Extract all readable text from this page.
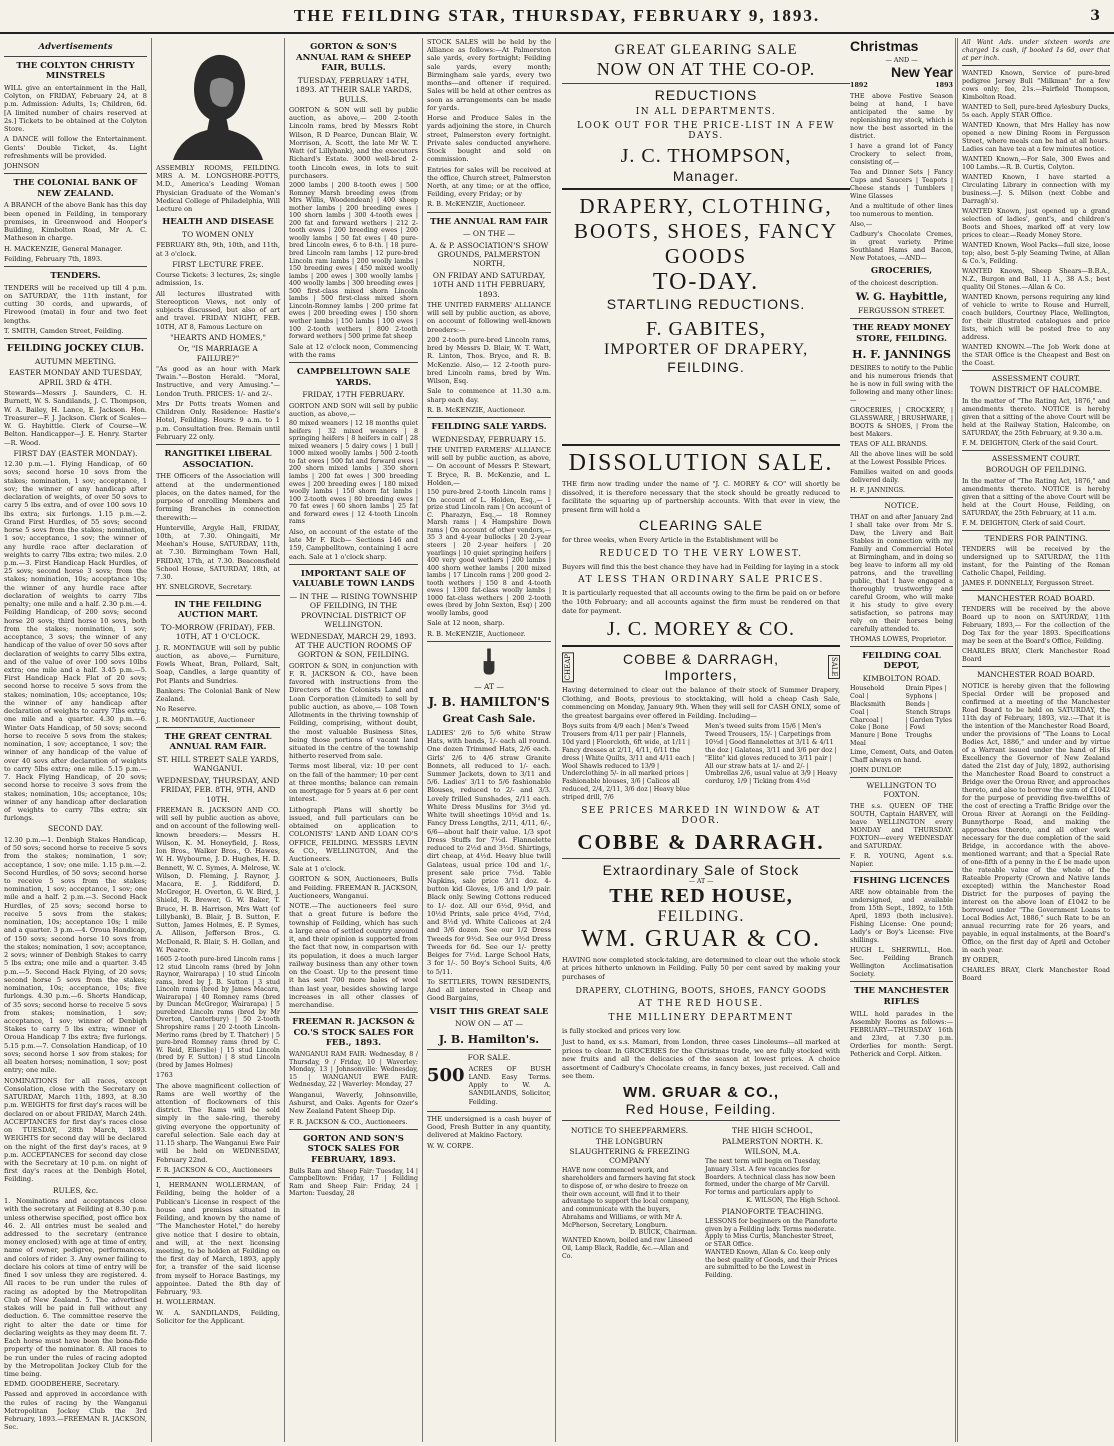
THE FEILDING STAR, THURSDAY, FEBRUARY 9, 1893.	3
Advertisements
THE COLYTON CHRISTY MINSTRELS

WILL give an entertainment in the Hall, Colyton, on FRIDAY, February 24, at 8 p.m. Admission: Adults, 1s; Children, 6d. [A limited number of chairs reserved at 2s.] Tickets to be obtained at the Colyton Store.

A DANCE will follow the Entertainment. Gents' Double Ticket, 4s. Light refreshments will be provided.

JOHNSON

THE COLONIAL BANK OF NEW ZEALAND.

A BRANCH of the above Bank has this day been opened in Feilding, in temporary premises, in Greenwood and Hooper's Building, Kimbolton Road, Mr A. C. Matheson in charge.

H. MACKENZIE, General Manager.

Feilding, February 7th, 1893.

TENDERS.

TENDERS will be received up till 4 p.m. on SATURDAY, the 11th instant, for cutting 30 cords, and upwards, of Firewood (matai) in four and two feet lengths.

T. SMITH, Camden Street, Feilding.

FEILDING JOCKEY CLUB.
AUTUMN MEETING.
EASTER MONDAY AND TUESDAY, APRIL 3RD & 4TH.

Stewards—Messrs J. Saunders, C. H. Burnett, W. S. Sandilands, J. C. Thompson, W. A. Bailey, H. Lance, E. Jackson. Hon. Treasurer—F. J. Jackson. Clerk of Scales—W. G. Haybittle. Clerk of Course—W. Belton. Handicapper—J. E. Henry. Starter—R. Wood.

FIRST DAY (EASTER MONDAY).

12.30 p.m.—1. Flying Handicap, of 60 sovs; second horse 10 sovs from the stakes; nomination, 1 sov; acceptance, 1 sov; the winner of any handicap after declaration of weights, of over 50 sovs to carry 5 lbs extra, and of over 100 sovs 10 lbs extra; six furlongs. 1.15 p.m.—2. Grand First Hurdles, of 55 sovs; second horse 5 sovs from the stakes; nomination, 1 sov; acceptance, 1 sov; the winner of any hurdle race after declaration of weights to carry 7lbs extra; two miles. 2.0 p.m.—3. First Handicap Hack Hurdles, of 25 sovs; second horse 3 sovs; from the stakes; nomination, 10s; acceptance 10s; the winner of any hurdle race after declaration of weights to carry 7lbs penalty; one mile and a half. 2.30 p.m.—4. Feilding Handicap, of 200 sovs; second horse 20 sovs; third horse 10 sovs, both from the stakes; nomination, 1 sov; acceptance, 3 sovs; the winner of any handicap of the value of over 50 sovs after declaration of weights to carry 5lbs extra, and of the value of over 100 sovs 10lbs extra; one mile and a half. 3.45 p.m.—5. First Handicap Hack Flat of 20 sovs; second horse to receive 5 sovs from the stakes; nomination, 10s; acceptance, 10s; the winner of any handicap after declaration of weights to carry 7lbs extra; one mile and a quarter. 4.30 p.m.—6. Winter Oats Handicap, of 50 sovs; second horse to receive 5 sovs from the stakes; nomination, 1 sov; acceptance, 1 sov; the winner of any handicap of the value of over 40 sovs after declaration of weights to carry 5lbs extra; one mile. 5.15 p.m.—7. Hack Flying Handicap, of 20 sovs; second horse to receive 3 sovs from the stakes; nomination, 10s; acceptance, 10s; winner of any handicap after declaration of weights to carry 7lbs extra; six furlongs.

SECOND DAY.

12.30 p.m.—1. Denbigh Stakes Handicap, of 50 sovs; second horse to receive 5 sovs from the stakes; nomination, 1 sov; acceptance, 1 sov; one mile. 1.15 p.m.—2. Second Hurdles, of 50 sovs; second horse to receive 5 sovs from the stakes; nomination, 1 sov; acceptance, 1 sov; one mile and a half. 2 p.m.—3. Second Hack Hurdles, of 25 sovs; second horse to receive 5 sovs from the stakes; nomination, 10s; acceptance 10s; 1 mile and a quarter. 3 p.m.—4. Oroua Handicap, of 150 sovs; second horse 10 sovs from the stakes; nomination, 1 sov; acceptance, 2 sovs; winner of Denbigh Stakes to carry 5 lbs extra; one mile and a quarter. 3.45 p.m.—5. Second Hack Flying, of 20 sovs; second horse 5 sovs from the stakes; nomination, 10s; acceptance, 10s; five furlongs. 4.30 p.m.—6. Shorts Handicap, of 35 sovs; second horse to receive 5 sovs from stakes; nomination, 1 sov; acceptance, 1 sov; winner of Denbigh Stakes to carry 5 lbs extra; winner of Oroua Handicap 7 lbs extra; five furlongs. 5.15 p.m.—7. Consolation Handicap, of 10 sovs; second horse 1 sov from stakes; for all beaten horses; nomination, 1 sov; post entry; one mile.

NOMINATIONS for all races, except Consolation, close with the Secretary on SATURDAY, March 11th, 1893, at 8.30 p.m. WEIGHTS for first day's races will be declared on or about FRIDAY, March 24th. ACCEPTANCES for first day's races close on TUESDAY, 28th March, 1893. WEIGHTS for second day will be declared on the night of the first day's races, at 9 p.m. ACCEPTANCES for second day close with the Secretary at 10 p.m. on night of first day's races at the Denbigh Hotel, Feilding.

RULES, &c.

1. Nominations and acceptances close with the secretary at Feilding at 8.30 p.m. unless otherwise specified, post office box 46. 2. All entries must be sealed and addressed to the secretary (entrance money enclosed) with age at time of entry, name of owner, pedigree, performances, and colors of rider. 3. Any owner failing to declare his colors at time of entry will be fined 1 sov unless they are registered. 4. All races to be run under the rules of racing as adopted by the Metropolitan Club of New Zealand. 5. The advertised stakes will be paid in full without any deduction. 6. The committee reserve the right to alter the date or time for declaring weights as they may deem fit. 7. Each horse must have been the bona-fide property of the nominator. 8. All races to be run under the rules of racing adopted by the Metropolitan Jockey Club for the time being.

EDMD. GOODBEHERE, Secretary.

Passed and approved in accordance with the rules of racing by the Wanganui Metropolitan Jockey Club the 3rd February, 1893.—FREEMAN R. JACKSON, Sec.

ASSEMBLY ROOMS, FEILDING. MRS A. M. LONGSHORE-POTTS, M.D., America's Leading Woman Physician Graduate of the Woman's Medical College of Philadelphia, Will Lecture on

HEALTH AND DISEASE
TO WOMEN ONLY

FEBRUARY 8th, 9th, 10th, and 11th, at 3 o'clock.

FIRST LECTURE FREE.

Course Tickets: 3 lectures, 2s; single admission, 1s.

All lectures illustrated with Stereopticon Views, not only of subjects discussed, but also of art and travel. FRIDAY NIGHT, FEB. 10TH, AT 8, Famous Lecture on

"HEARTS AND HOMES,"
Or, "IS MARRIAGE A FAILURE?"

"As good as an hour with Mark Twain."—Boston Herald. "Moral, Instructive, and very Amusing."—London Truth. PRICES: 1/- and 2/-.

Mrs Dr Potts treats Women and Children Only. Residence: Hastie's Hotel, Feilding. Hours: 9 a.m. to 1 p.m. Consultation free. Remain until February 22 only.

RANGITIKEI LIBERAL ASSOCIATION.

THE Officers of the Association will attend at the undermentioned places, on the dates named, for the purpose of enrolling Members and forming Branches in connection therewith:—

Hunterville, Argyle Hall, FRIDAY, 10th, at 7.30. Ohingaiti, Mr Meehan's House, SATURDAY, 11th, at 7.30. Birmingham Town Hall, FRIDAY, 17th, at 7.30. Beaconsfield School House, SATURDAY, 18th, at 7.30.

HY. SNELGROVE, Secretary.

IN THE FEILDING AUCTION MART.
TO-MORROW (FRIDAY), FEB. 10TH, AT 1 O'CLOCK.

J. R. MONTAGUE will sell by public auction, as above,— Furniture, Fowls Wheat, Bran, Pollard, Salt, Soap, Candles, a large quantity of Pot Plants and Sundries.

Bankers: The Colonial Bank of New Zealand.

No Reserve.

J. R. MONTAGUE, Auctioneer

THE GREAT CENTRAL ANNUAL RAM FAIR.
ST. HILL STREET SALE YARDS, WANGANUI.
WEDNESDAY, THURSDAY, AND FRIDAY, FEB. 8TH, 9TH, AND 10TH.

FREEMAN R. JACKSON AND CO. will sell by public auction as above, and on account of the following well-known breeders:— Messrs H. Wilson, K. M. Honeyfield, J. Ross, Ion Bros., Walker Bros., O. Hawes, W. H. Wybourne, J. D. Hughes, H. D. Bennett, W. C. Symes, A. Melrose, W. Wilson, D. Fleming, J. Raynor, J. Macara, E. J. Riddiford, D. McGregor, H. Overton, G. W. Bird, J. Shield, R. Brewer, G. W. Baker, T. Bruce, H. B. Harrison, Mrs Watt (of Lillybank), B. Blair, J. B. Sutton, F. Sutton, James Holmes, E. P. Symes, A. Allison, Jefferson Bros., G. McDonald, R. Blair, S. H. Gollan, and W. Pearce.

1605 2-tooth pure-bred Lincoln rams | 12 stud Lincoln rams (bred by John Raynor, Wairarapa) | 10 stud Lincoln rams, bred by J. B. Sutton | 3 stud Lincoln rams (bred by James Macara, Wairarapa) | 40 Romney rams (bred by Duncan McGregor, Wairarapa) | 5 purebred Lincoln rams (bred by Mr Overton, Canterbury) | 50 2-tooth Shropshire rams | 20 2-tooth Lincoln-Merino rams (bred by T. Thatcher) | 5 pure-bred Romney rams (bred by C. W. Reid, Ellerslie) | 15 stud Lincoln (bred by F. Sutton) | 8 stud Lincoln (bred by James Holmes)

1763

The above magnificent collection of Rams are well worthy of the attention of flockowners of this district. The Rams will be sold simply in the sale-ring, thereby giving everyone the opportunity of careful selection. Sale each day at 11.15 sharp. The Wanganui Ewe Fair will be held on WEDNESDAY, February 22nd.

F. R. JACKSON & CO., Auctioneers

I, HERMANN WOLLERMAN, of Feilding, being the holder of a Publican's License in respect of the house and premises situated in Feilding, and known by the name of "The Manchester Hotel," do hereby give notice that I desire to obtain, and will, at the next licensing meeting, to be holden at Feilding on the first day of March, 1893, apply for, a transfer of the said license from myself to Horace Bastings, my appointee. Dated the 8th day of February, '93.

H. WOLLERMAN.

W. A. SANDILANDS, Feilding, Solicitor for the Applicant.

GORTON & SON'S ANNUAL RAM & SHEEP FAIR, BULLS.
TUESDAY, FEBRUARY 14TH, 1893. AT THEIR SALE YARDS, BULLS.

GORTON & SON will sell by public auction, as above,— 200 2-tooth Lincoln rams, bred by Messrs Robt Wilson, R D Pearce, Duncan Blair, W. Morrison, A. Scott, the late Mr W. T. Watt (of Lillybank), and the executors Richard's Estate. 3000 well-bred 2-tooth Lincoln ewes, in lots to suit purchasers.

2000 lambs | 200 8-tooth ewes | 500 Romney Marsh breeding ewes (from Mrs Willis, Woodendean) | 400 sheep mother lambs | 200 breeding ewes | 100 shorn lambs | 300 4-tooth ewes | 200 fat and forward wethers | 212 2-tooth ewes | 200 breeding ewes | 200 woolly lambs | 50 fat ewes | 40 pure-bred Lincoln ewes, 6 to 8-th. | 18 pure-bred Lincoln ram lambs | 12 pure-bred Lincoln ram lambs | 200 woolly lambs | 150 breeding ewes | 450 mixed woolly lambs | 200 ewes | 300 woolly lambs | 400 woolly lambs | 300 breeding ewes | 500 first-class mixed shorn Lincoln lambs | 500 first-class mixed shorn Lincoln-Romney lambs | 200 prime fat ewes | 200 breeding ewes | 150 shorn wether lambs | 150 lambs | 100 ewes | 100 2-tooth wethers | 800 2-tooth forward wethers | 500 prime fat sheep

Sale at 12 o'clock noon, Commencing with the rams

CAMPBELLTOWN SALE YARDS.
FRIDAY, 17TH FEBRUARY.

GORTON AND SON will sell by public auction, as above,—

80 mixed weaners | 12 18 months quiet heifers | 32 mixed weaners | 8 springing heifers | 8 heifers in calf | 28 mixed weaners | 5 dairy cows | 1 bull | 1000 mixed woolly lambs | 500 2-tooth to fat ewes | 500 fat and forward ewes | 200 shorn mixed lambs | 350 shorn lambs | 200 fat ewes | 300 breeding ewes | 200 breeding ewes | 180 mixed woolly lambs | 150 shorn fat lambs | 100 2-tooth ewes | 80 breeding ewes | 70 fat ewes | 60 shorn lambs | 25 fat and forward ewes | 12 4-tooth Lincoln rams

Also, on account of the estate of the late Mr F. Ricb— Sections 146 and 159, Campbelltown, containing 1 acre each. Sale at 1 o'clock sharp.

IMPORTANT SALE OF VALUABLE TOWN LANDS
— IN THE — RISING TOWNSHIP OF FEILDING, IN THE PROVINCIAL DISTRICT OF WELLINGTON.
WEDNESDAY, MARCH 29, 1893. AT THE AUCTION ROOMS OF GORTON & SON, FEILDING.

GORTON & SON, in conjunction with F. R. JACKSON & CO., have been favored with instructions from the Directors of the Colonists Land and Loan Corporation (Limited) to sell by public auction, as above,— 108 Town Allotments in the thriving township of Feilding, comprising, without doubt, the most valuable Business Sites, being those portions of vacant land situated in the centre of the township hitherto reserved from sale.

Terms most liberal, viz: 10 per cent on the fall of the hammer; 10 per cent at three months; balance can remain on mortgage for 5 years at 6 per cent interest.

Lithograph Plans will shortly be issued, and full particulars can be obtained on application to COLONISTS' LAND AND LOAN CO'S OFFICE, FEILDING. MESSRS LEVIN & CO., WELLINGTON, And the Auctioneers.

Sale at 1 o'clock.

GORTON & SON, Auctioneers, Bulls and Feilding. FREEMAN R. JACKSON, Auctioneers, Wanganui.

NOTE.—The auctioneers feel sure that a great future is before the township of Feilding, which has such a large area of settled country around it, and their opinion is supported from the fact that now, in comparison with its population, it does a much larger railway business than any other town on the Coast. Up to the present time it has sent 700 more bales of wool than last year, besides showing large increases in all other classes of merchandise.

FREEMAN R. JACKSON & CO.'S STOCK SALES FOR FEB., 1893.

WANGANUI RAM FAIR: Wednesday, 8 / Thursday, 9 / Friday, 10 | Waverley: Monday, 13 | Johnsonville: Wednesday, 15 | WANGANUI EWE FAIR: Wednesday, 22 | Waverley: Monday, 27

Wanganui, Waverly, Johnsonville, Ashurst, and Oaks. Agents for Ozer's New Zealand Patent Sheep Dip.

F. R. JACKSON & CO., Auctioneers.

GORTON AND SON'S STOCK SALES FOR FEBRUARY, 1893.

Bulls Ram and Sheep Fair: Tuesday, 14 | Campbelltown: Friday, 17 | Feilding Ram and Sheep Fair: Friday, 24 | Marton: Tuesday, 28

STOCK SALES will be held by the Alliance as follows:—At Palmerston sale yards, every fortnight; Feilding sale yards, every month; Birmingham sale yards, every two months—and oftener if required. Sales will be held at other centres as soon as arrangements can be made for yards.

Horse and Produce Sales in the yards adjoining the store, in Church street, Palmerston every fortnight. Private sales conducted anywhere. Stock bought and sold on commission.

Entries for sales will be received at the office, Church street, Palmerston North, at any time; or at the office, Feilding, every Friday; or by

R. B. McKENZIE, Auctioneer.

THE ANNUAL RAM FAIR
— ON THE —
A. & P. ASSOCIATION'S SHOW GROUNDS, PALMERSTON NORTH,
ON FRIDAY AND SATURDAY, 10TH AND 11TH FEBRUARY, 1893.

THE UNITED FARMERS' ALLIANCE will sell by public auction, as above, on account of following well-known breeders:—

200 2-tooth pure-bred Lincoln rams, bred by Messrs D. Blair, W. T. Watt, R. Linton, Thos. Bryce, and R. B. McKenzie. Also,— 12 2-tooth pure-bred Lincoln rams, bred by Wm. Wilson, Esq.

Sale to commence at 11.30 a.m. sharp each day.

R. B. McKENZIE, Auctioneer.

FEILDING SALE YARDS.
WEDNESDAY, FEBRUARY 15.

THE UNITED FARMERS' ALLIANCE will sell by public auction, as above,— On account of Messrs P. Stewart, T. Bryce, R. B. McKenzie, and L. Holden,—

150 pure-bred 2-tooth Lincoln rams | On account of L. Holden, Esq.,— 1 prize stud Lincoln ram | On account of C. Pharazyn, Esq.,— 18 Romney Marsh rams | 4 Hampshire Down rams | On account of other vendors,— 35 3 and 4-year bullocks | 20 2-year steers | 20 2-year heifers | 20 yearlings | 10 quiet springing heifers | 400 very good wethers | 200 lambs | 400 shorn wether lambs | 200 mixed lambs | 17 Lincoln rams | 200 good 2-tooth wethers | 150 8 and 4-tooth ewes | 1300 fat-class woolly lambs | 1000 fat-class wethers | 200 2-tooth ewes (bred by John Sexton, Esq) | 200 woolly lambs, good

Sale at 12 noon, sharp.

R. B. McKENZIE, Auctioneer.

— AT —
J. B. HAMILTON'S
Great Cash Sale.

LADIES' 2/6 to 5/6 white Straw Hats, with bands, 1/- each all round. One dozen Trimmed Hats, 2/6 each. Girls' 2/6 to 4/6 straw Granite Bonnets, all reduced to 1/- each. Summer Jackets, down to 3/11 and 5/6. Ladies' 3/11 to 5/6 fashionable Blouses, reduced to 2/- and 3/3. Lovely frilled Sunshades, 2/11 each. White Dress Muslins for 3½d yd. White twill sheetings 10½d and 1s. Fancy Dress Lengths, 2/11, 4/11, 6/-, 6/6—about half their value. 1/3 spot Dress Stuffs for 7½d. Flannelette reduced to 2½d and 3½d. Shirtings, dirt cheap, at 4½d. Heavy blue twill Galateas, usual price 10d and 1/-, present sale price 7½d. Table Napkins, sale price 3/11 doz. 4-button kid Gloves, 1/6 and 1/9 pair. Black only. Sewing Cottons reduced to 1/- doz. All our 6½d, 9½d, and 10½d Prints, sale price 4½d, 7½d, and 8½d yd. White Calicoes at 2/4 and 3/6 dozen. See our 1/2 Dress Tweeds for 9½d. See our 9½d Dress Tweeds for 6d. See our 1/- pretty Beiges for 7½d. Large School Hats, 3 for 1/-. 50 Boy's School Suits, 4/6 to 5/11.

To SETTLERS, TOWN RESIDENTS, And all interested in Cheap and Good Bargains,

VISIT THIS GREAT SALE
NOW ON — AT —
J. B. Hamilton's.
FOR SALE.
500 ACRES OF BUSH LAND. Easy Terms. Apply to W. A. SANDILANDS, Solicitor, Feilding.

THE undersigned is a cash buyer of Good, Fresh Butter in any quantity, delivered at Makino Factory.

W. W. CORPE.

GREAT GLEARING SALE
NOW ON AT THE CO-OP.
REDUCTIONS
IN ALL DEPARTMENTS.
LOOK OUT FOR THE PRICE-LIST IN A FEW DAYS.
J. C. THOMPSON,
Manager.
DRAPERY, CLOTHING, BOOTS, SHOES, FANCY GOODS
TO-DAY.
STARTLING REDUCTIONS.
F. GABITES,
IMPORTER OF DRAPERY,
FEILDING.
Christmas
— AND —
New Year
1892	1893

THE above Festive Season being at hand, I have anticipated the same by replenishing my stock, which is now the best assorted in the district.

I have a grand lot of Fancy Crockery to select from, consisting of,—

Tea and Dinner Sets | Fancy Cups and Saucers | Teapots | Cheese stands | Tumblers | Wine Glasses

And a multitude of other lines too numerous to mention.

Also,—

Cadbury's Chocolate Cremes, in great variety. Prime Southland Hams and Bacon, New Potatoes, —AND—

GROCERIES,

of the choicest description.

W. G. Haybittle,
FERGUSSON STREET.
THE READY MONEY STORE, FEILDING.
H. F. JANNINGS

DESIRES to notify to the Public and his numerous friends that he is now in full swing with the following and many other lines:—

GROCERIES, | CROCKERY, | GLASSWARE, | BRUSHWARE, | BOOTS & SHOES, | From the best Makers.

TEAS OF ALL BRANDS.

All the above lines will be sold at the Lowest Possible Prices.

Families waited on and goods delivered daily.

H. F. JANNINGS.

NOTICE.

THAT on and after January 2nd I shall take over from Mr S. Daw, the Livery and Bait Stables in connection with my Family and Commercial Hotel at Birmingham, and in doing so beg leave to inform all my old patrons, and the travelling public, that I have engaged a thoroughly trustworthy and careful Groom, who will make it his study to give every satisfaction, so patrons may rely on their horses being carefully attended to.

THOMAS LOWES, Proprietor.

FEILDING COAL DEPOT,
KIMBOLTON ROAD.
Household Coal | Blacksmith Coal | Charcoal | Coke | Bone Manure | Bone Meal
Drain Pipes | Syphons | Bends | Stench Straps | Garden Tyles | Fowl Troughs

Lime, Cement, Oats, and Oaten Chaff always on hand.

JOHN DUNLOP.

WELLINGTON TO FOXTON.

THE s.s. QUEEN OF THE SOUTH, Captain HARVEY, will leave WELLINGTON every MONDAY and THURSDAY. FOXTON—every WEDNESDAY and SATURDAY.

F. R. YOUNG, Agent s.s. Napier.

FISHING LICENCES

ARE now obtainable from the undersigned, and available from 15th Sept., 1892, to 15th April, 1893 (both inclusive). Fishing License: One pound; Lady's or Boy's License: Five shillings.

HUGH L. SHERWILL, Hon. Sec. Feilding Branch Wellington Acclimatisation Society.

THE MANCHESTER RIFLES

WILL hold parades in the Assembly Rooms as follows:— FEBRUARY—THURSDAY 16th and 23rd, at 7.30 p.m. Orderlies for month: Sergt. Petherick and Corpl. Aitken.

All Want Ads. under sixteen words are charged 1s cash, if booked 1s 6d, over that at per inch.

WANTED Known, Service of pure-bred pedigree Jersey Bull "Milkman" for a few cows only; fee, 21s.—Fairfield Thompson, Kimbolton Road.

WANTED to Sell, pure-bred Aylesbury Ducks, 5s each. Apply STAR Office.

WANTED Known, that Mrs Halley has now opened a new Dining Room in Fergusson Street, where meals can be had at all hours. Ladies can have tea at a few minutes notice.

WANTED Known,—For Sale, 300 Ewes and 100 Lambs.—R. B. Curtis, Colyton.

WANTED Known, I have started a Circulating Library in connection with my business.—J. S. Milson (next Cobbe and Darragh's).

WANTED Known, just opened up a grand selection of ladies', gent's, and children's Boots and Shoes, marked off at very low prices to clear.—Ready Money Store.

WANTED Known, Wool Packs—full size, loose top; also, best 5-ply Seaming Twine, at Allan & Co.'s, Feilding.

WANTED Known, Sheep Shears—B.B.A., N.Z., Burgon and Ball, 11 A., 38 A.S.; best quality Oil Stones.—Allan & Co.

WANTED Known, persons requiring any kind of vehicle to write to Rouse and Hurrell, coach builders, Courtney Place, Wellington, for their illustrated catalogues and price lists, which will be posted free to any address.

WANTED KNOWN.—The Job Work done at the STAR Office is the Cheapest and Best on the Coast.

ASSESSMENT COURT.
TOWN DISTRICT OF HALCOMBE.

In the matter of "The Rating Act, 1876," and amendments thereto. NOTICE is hereby given that a sitting of the above Court will be held at the Railway Station, Halcombe, on SATURDAY, the 25th February, at 9.30 a.m.

F. M. DEIGHTON, Clerk of the said Court.

ASSESSMENT COURT.
BOROUGH OF FEILDING.

In the matter of "The Rating Act, 1876," and amendments thereto. NOTICE is hereby given that a sitting of the above Court will be held at the Court House, Feilding, on SATURDAY, the 25th February, at 11 a.m.

F. M. DEIGHTON, Clerk of said Court.

TENDERS FOR PAINTING.

TENDERS will be received by the undersigned up to SATURDAY, the 11th instant, for the Painting of the Roman Catholic Chapel, Feilding.

JAMES F. DONNELLY, Fergusson Street.

MANCHESTER ROAD BOARD.

TENDERS will be received by the above Board up to noon on SATURDAY, 11th February, 1893,— For the collection of the Dog Tax for the year 1893. Specifications may be seen at the Board's Office, Feilding.

CHARLES BRAY, Clerk Manchester Road Board

MANCHESTER ROAD BOARD.

NOTICE is hereby given that the following Special Order will be proposed and confirmed at a meeting of the Manchester Road Board to be held on SATURDAY, the 11th day of February, 1893, viz.:—That it is the intention of the Manchester Road Board, under the provisions of "The Loans to Local Bodies Act, 1886," and under and by virtue of a Warrant issued under the hand of His Excellency the Governor of New Zealand dated the 21st day of July, 1892, authorising the Manchester Road Board to construct a Bridge over the Oroua River, and approaches thereto, and also to borrow the sum of £1042 for the purpose of providing five-twelfths of the cost of erecting a Traffic Bridge over the Oroua River at Aorangi on the Feilding-Bunnythorpe Road, and making the approaches thereto, and all other work necessary for the due completion of the said Bridge, in accordance with the above-mentioned warrant; and that a Special Rate of one-fifth of a penny in the £ be made upon the rateable value of the whole of the Rateable Property (Crown and Native lands excepted) within the Manchester Road District for the purposes of paying the interest on the above loan of £1042 to be borrowed under "The Government Loans to Local Bodies Act, 1886," such Rate to be an annual recurring rate for 26 years, and payable, in equal instalments, at the Board's Office, on the first day of April and October in each year.

BY ORDER,

CHARLES BRAY, Clerk Manchester Road Board

DISSOLUTION SALE.

THE firm now trading under the name of "J. C. MOREY & CO" will shortly be dissolved, it is therefore necessary that the stock should be greatly reduced to facilitate the squaring up of partnership accounts. With that ever in view, the present firm will hold a

CLEARING SALE

for three weeks, when Every Article in the Establishment will be

REDUCED TO THE VERY LOWEST.

Buyers will find this the best chance they have had in Feilding for laying in a stock

AT LESS THAN ORDINARY SALE PRICES.

It is particularly requested that all accounts owing to the firm be paid on or before the 10th February; and all accounts against the firm must be rendered on that date for payment.

J. C. MOREY & CO.
CHEAP	COBBE & DARRAGH,
Importers,	SALE

Having determined to clear out the balance of their stock of Summer Drapery, Clothing, and Boots, previous to stocktaking, will hold a cheap Cash Sale, commencing on Monday, January 9th. When they will sell for CASH ONLY, some of the greatest bargains ever offered in Feilding. Including—

Boys suits from 4/9 each | Men's Tweed Trousers from 4/11 per pair | Flannels, 10d yard | Floorcloth, 6ft wide, at 1/11 | Fancy dresses at 2/11, 4/11, 6/11 the dress | White Quilts, 3/11 and 4/11 each | Wool Shawls reduced to 13/9 | Underclothing 5/- in all marked prices | Fashionable blouses, 3/6 | Calicos all reduced, 2/4, 2/11, 3/6 doz | Heavy blue striped drill, 7/6
Men's tweed suits from 15/6 | Men's Tweed Trousers, 15/- | Carpetings from 10½d | Good flannelettes at 3/11 & 4/11 the doz | Galateas, 3/11 and 3/6 per doz | "Elite" kid gloves reduced to 3/11 pair | All our straw hats at 1/- and 2/- | Umbrellas 2/6, usual value at 3/9 | Heavy corduroy, 1/9 | Ticking from 4½d
SEE PRICES MARKED IN WINDOW & AT DOOR.
COBBE & DARRAGH.
Extraordinary Sale of Stock
— AT —
THE RED HOUSE,
FEILDING.
WM. GRUAR & CO.

HAVING now completed stock-taking, are determined to clear out the whole stock at prices hitherto unknown in Feilding. Fully 50 per cent saved by making your purchases of

DRAPERY, CLOTHING, BOOTS, SHOES, FANCY GOODS
AT THE RED HOUSE.
THE MILLINERY DEPARTMENT

is fully stocked and prices very low.

Just to hand, ex s.s. Mamari, from London, three cases Linoleums—all marked at prices to clear. In GROCERIES for the Christmas trade, we are fully stocked with new fruits and all the delicacies of the season at lowest prices. A choice assortment of Cadbury's Chocolate creams, in fancy boxes, just received. Call and see them.

WM. GRUAR & CO.,
Red House, Feilding.
NOTICE TO SHEEPFARMERS.
THE LONGBURN SLAUGHTERING & FREEZING COMPANY

HAVE now commenced work, and shareholders and farmers having fat stock to dispose of, or who desire to freeze on their own account, will find it to their advantage to support the local company, and communicate with the buyers, Abrahams and Williams, or with Mr A. McPherson, Secretary, Longburn.

D. BUICK, Chairman.

WANTED Known, boiled and raw Linseed Oil, Lamp Black, Raddle, &c.—Allan and Co.

THE HIGH SCHOOL,
PALMERSTON NORTH. K. WILSON, M.A.

The next term will begin on Tuesday, January 31st. A few vacancies for Boarders. A technical class has now been formed, under the charge of Mr Carvill. For terms and particulars apply to

K. WILSON, The High School.

PIANOFORTE TEACHING.

LESSONS for beginners on the Pianoforte given by a Feilding lady. Terms moderate. Apply to Miss Curtis, Manchester Street, or STAR Office.

WANTED Known, Allan & Co. keep only the best quality of Goods, and their Prices are submitted to be the Lowest in Feilding.
